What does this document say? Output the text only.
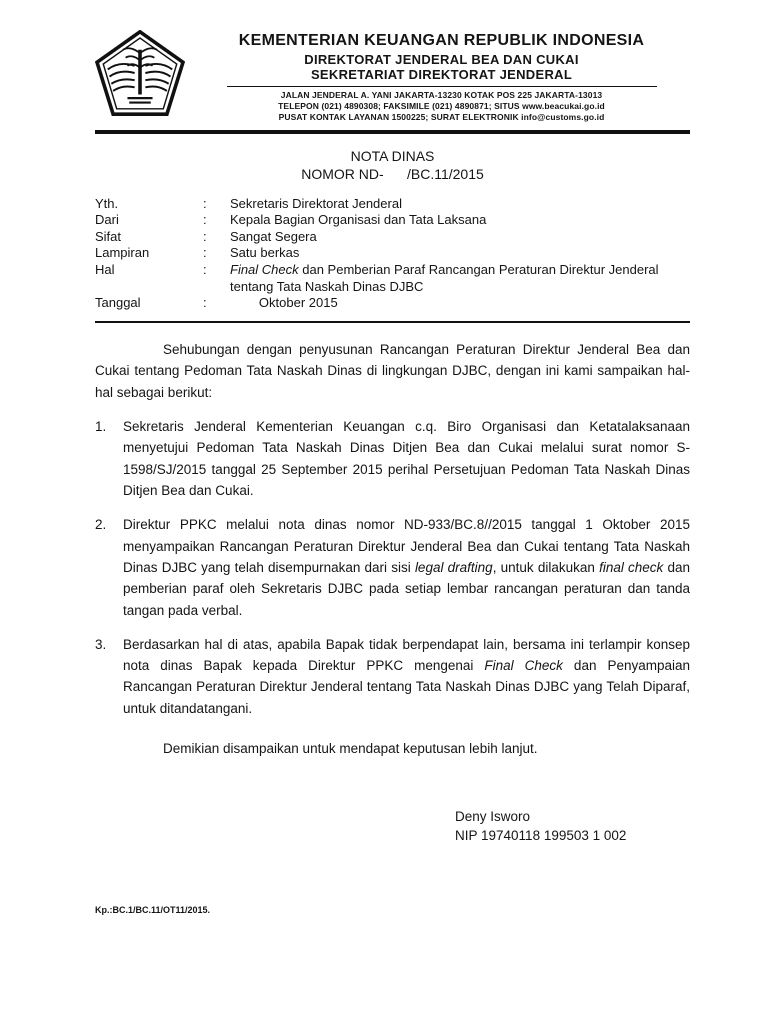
KEMENTERIAN KEUANGAN REPUBLIK INDONESIA
DIREKTORAT JENDERAL BEA DAN CUKAI
SEKRETARIAT DIREKTORAT JENDERAL
JALAN JENDERAL A. YANI JAKARTA-13230 KOTAK POS 225 JAKARTA-13013
TELEPON (021) 4890308; FAKSIMILE (021) 4890871; SITUS www.beacukai.go.id
PUSAT KONTAK LAYANAN 1500225; SURAT ELEKTRONIK info@customs.go.id
NOTA DINAS
NOMOR ND-      /BC.11/2015
Yth.	:	Sekretaris Direktorat Jenderal
Dari	:	Kepala Bagian Organisasi dan Tata Laksana
Sifat	:	Sangat Segera
Lampiran	:	Satu berkas
Hal	:	Final Check dan Pemberian Paraf Rancangan Peraturan Direktur Jenderal tentang Tata Naskah Dinas DJBC
Tanggal	:	Oktober 2015

Sehubungan dengan penyusunan Rancangan Peraturan Direktur Jenderal Bea dan Cukai tentang Pedoman Tata Naskah Dinas di lingkungan DJBC, dengan ini kami sampaikan hal-hal sebagai berikut:

1.	Sekretaris Jenderal Kementerian Keuangan c.q. Biro Organisasi dan Ketatalaksanaan menyetujui Pedoman Tata Naskah Dinas Ditjen Bea dan Cukai melalui surat nomor S-1598/SJ/2015 tanggal 25 September 2015 perihal Persetujuan Pedoman Tata Naskah Dinas Ditjen Bea dan Cukai.
2.	Direktur PPKC melalui nota dinas nomor ND-933/BC.8//2015 tanggal 1 Oktober 2015 menyampaikan Rancangan Peraturan Direktur Jenderal Bea dan Cukai tentang Tata Naskah Dinas DJBC yang telah disempurnakan dari sisi legal drafting, untuk dilakukan final check dan pemberian paraf oleh Sekretaris DJBC pada setiap lembar rancangan peraturan dan tanda tangan pada verbal.
3.	Berdasarkan hal di atas, apabila Bapak tidak berpendapat lain, bersama ini terlampir konsep nota dinas Bapak kepada Direktur PPKC mengenai Final Check dan Penyampaian Rancangan Peraturan Direktur Jenderal tentang Tata Naskah Dinas DJBC yang Telah Diparaf, untuk ditandatangani.

Demikian disampaikan untuk mendapat keputusan lebih lanjut.

Deny Isworo
NIP 19740118 199503 1 002
Kp.:BC.1/BC.11/OT11/2015.
